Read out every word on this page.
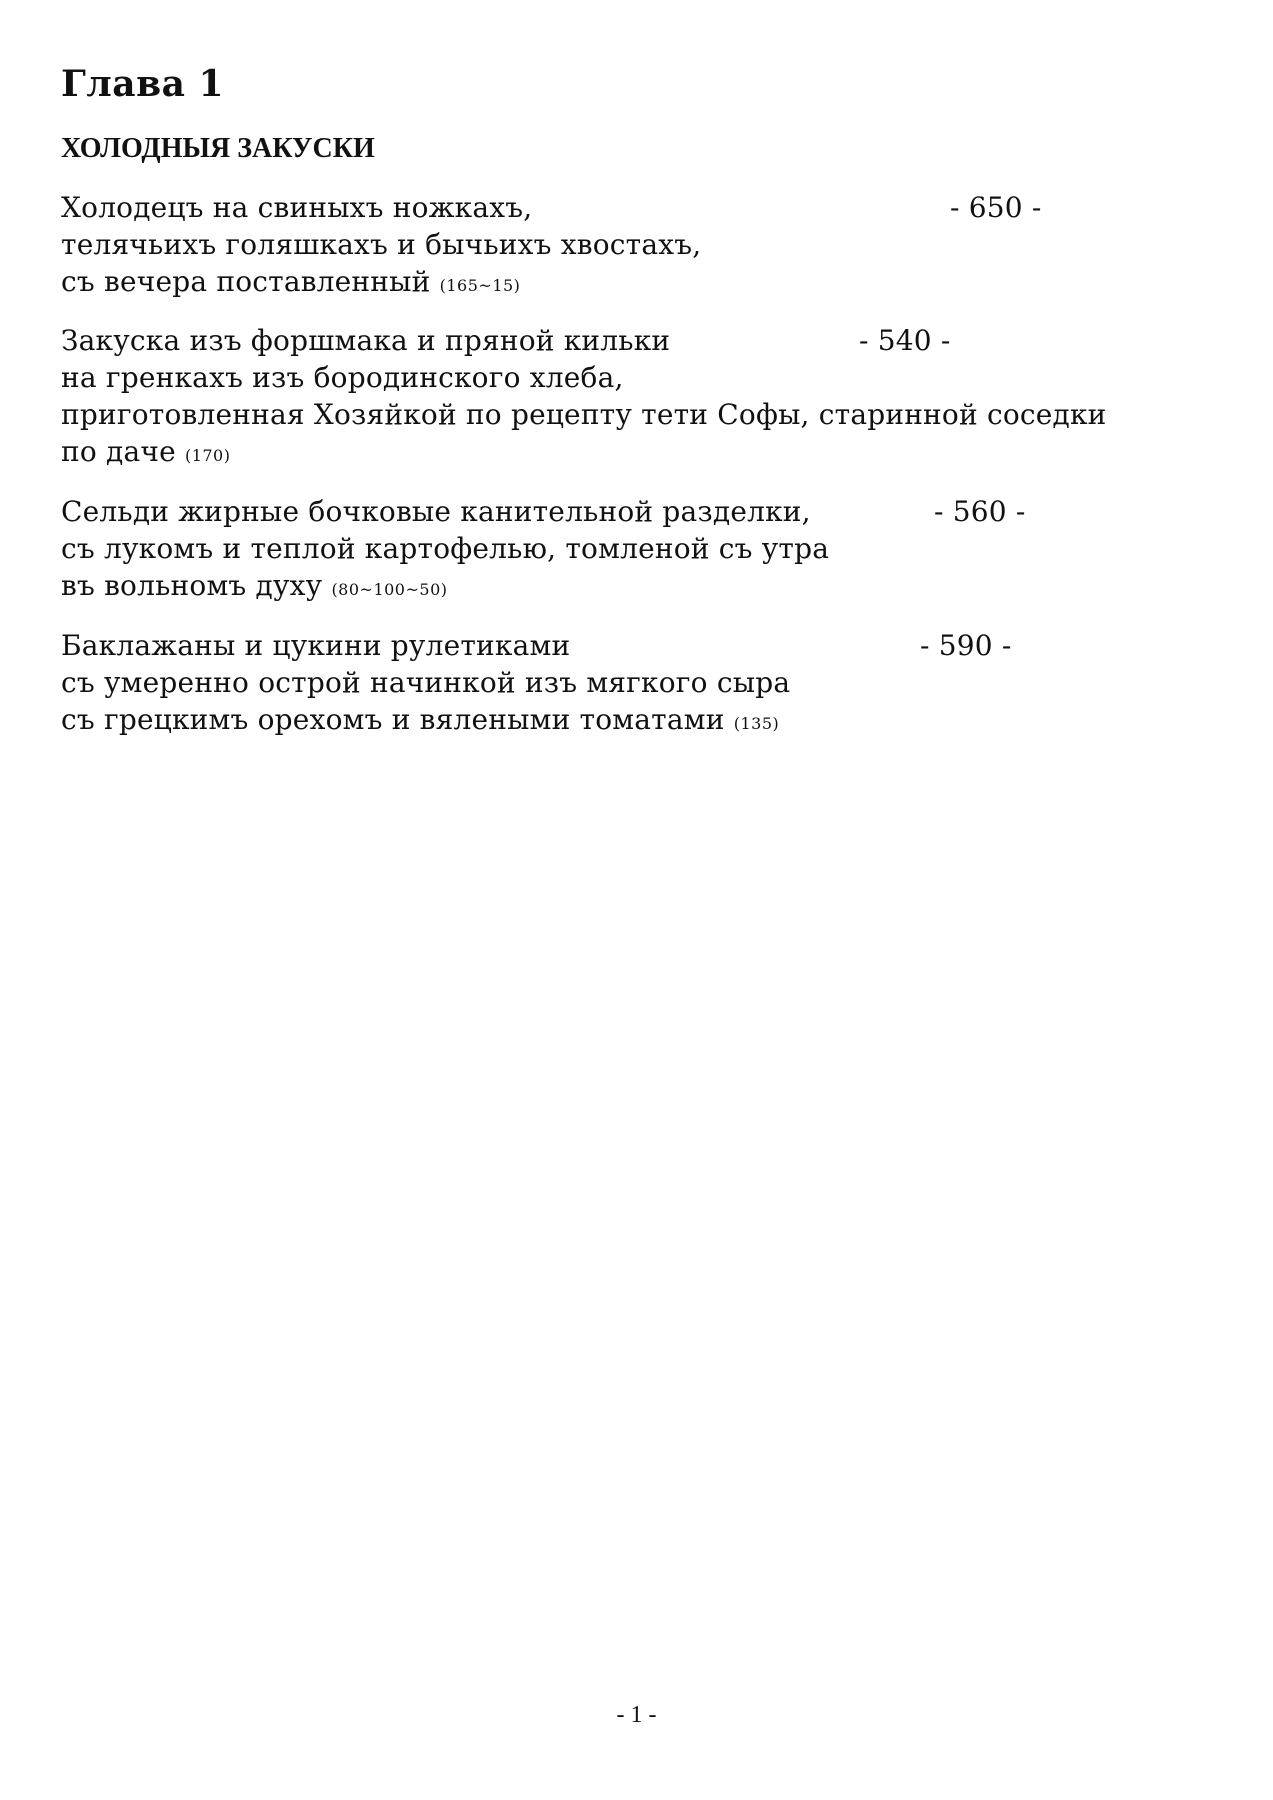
Глава 1
ХОЛОДНЫЯ ЗАКУСКИ
Холодецъ на свиныхъ ножкахъ,
телячьихъ голяшкахъ и бычьихъ хвостахъ,
съ вечера поставленный (165~15)
- 650 -
Закуска изъ форшмака и пряной кильки
на гренкахъ изъ бородинского хлеба,
приготовленная Хозяйкой по рецепту тети Софы, старинной соседки
по даче (170)
- 540 -
Сельди жирные бочковые канительной разделки,
съ лукомъ и теплой картофелью, томленой съ утра
въ вольномъ духу (80~100~50)
- 560 -
Баклажаны и цукини рулетиками
съ умеренно острой начинкой изъ мягкого сыра
съ грецкимъ орехомъ и вялеными томатами (135)
- 590 -
- 1 -
